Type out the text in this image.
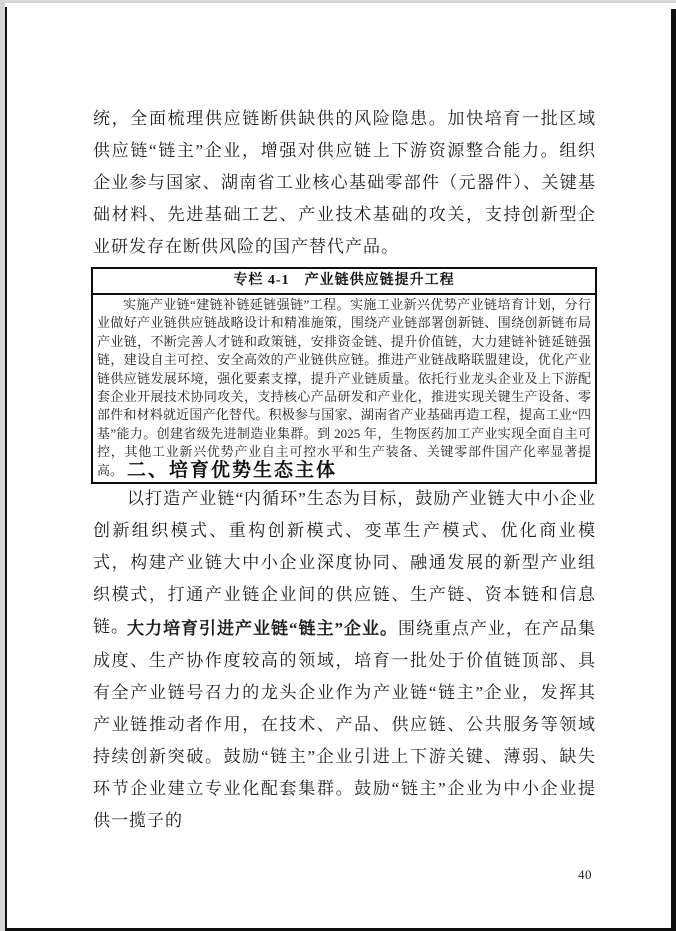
统，全面梳理供应链断供缺供的风险隐患。加快培育一批区域供应链“链主”企业，增强对供应链上下游资源整合能力。组织企业参与国家、湖南省工业核心基础零部件（元器件）、关键基础材料、先进基础工艺、产业技术基础的攻关，支持创新型企业研发存在断供风险的国产替代产品。

专栏 4-1　产业链供应链提升工程

实施产业链“建链补链延链强链”工程。实施工业新兴优势产业链培育计划，分行业做好产业链供应链战略设计和精准施策，围绕产业链部署创新链、围绕创新链布局产业链，不断完善人才链和政策链，安排资金链、提升价值链，大力建链补链延链强链，建设自主可控、安全高效的产业链供应链。推进产业链战略联盟建设，优化产业链供应链发展环境，强化要素支撑，提升产业链质量。依托行业龙头企业及上下游配套企业开展技术协同攻关，支持核心产品研发和产业化，推进实现关键生产设备、零部件和材料就近国产化替代。积极参与国家、湖南省产业基础再造工程，提高工业“四基”能力。创建省级先进制造业集群。到 2025 年，生物医药加工产业实现全面自主可控，其他工业新兴优势产业自主可控水平和生产装备、关键零部件国产化率显著提高。 二、培育优势生态主体

以打造产业链“内循环”生态为目标，鼓励产业链大中小企业创新组织模式、重构创新模式、变革生产模式、优化商业模式，构建产业链大中小企业深度协同、融通发展的新型产业组织模式，打通产业链企业间的供应链、生产链、资本链和信息链。

大力培育引进产业链“链主”企业。围绕重点产业，在产品集成度、生产协作度较高的领域，培育一批处于价值链顶部、具有全产业链号召力的龙头企业作为产业链“链主”企业，发挥其产业链推动者作用，在技术、产品、供应链、公共服务等领域持续创新突破。鼓励“链主”企业引进上下游关键、薄弱、缺失环节企业建立专业化配套集群。鼓励“链主”企业为中小企业提供一揽子的

40
